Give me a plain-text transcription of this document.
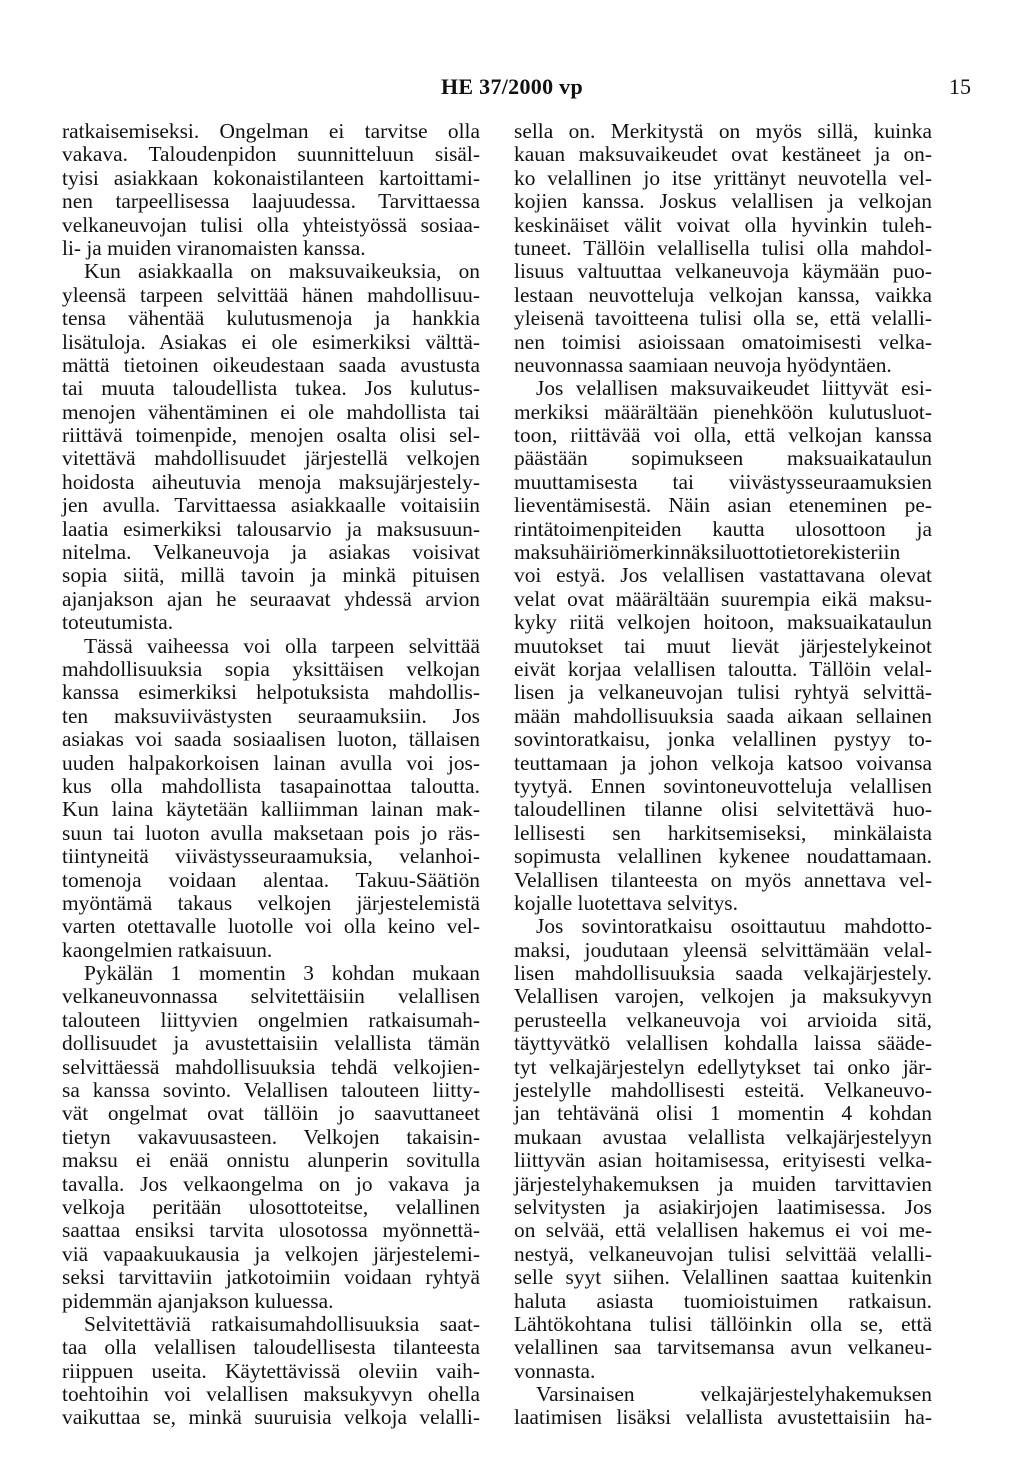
HE 37/2000 vp	15
ratkaisemiseksi. Ongelman ei tarvitse olla
vakava. Taloudenpidon suunnitteluun sisäl-
tyisi asiakkaan kokonaistilanteen kartoittami-
nen tarpeellisessa laajuudessa. Tarvittaessa
velkaneuvojan tulisi olla yhteistyössä sosiaa-
li- ja muiden viranomaisten kanssa.
Kun asiakkaalla on maksuvaikeuksia, on
yleensä tarpeen selvittää hänen mahdollisuu-
tensa vähentää kulutusmenoja ja hankkia
lisätuloja. Asiakas ei ole esimerkiksi välttä-
mättä tietoinen oikeudestaan saada avustusta
tai muuta taloudellista tukea. Jos kulutus-
menojen vähentäminen ei ole mahdollista tai
riittävä toimenpide, menojen osalta olisi sel-
vitettävä mahdollisuudet järjestellä velkojen
hoidosta aiheutuvia menoja maksujärjestely-
jen avulla. Tarvittaessa asiakkaalle voitaisiin
laatia esimerkiksi talousarvio ja maksusuun-
nitelma. Velkaneuvoja ja asiakas voisivat
sopia siitä, millä tavoin ja minkä pituisen
ajanjakson ajan he seuraavat yhdessä arvion
toteutumista.
Tässä vaiheessa voi olla tarpeen selvittää
mahdollisuuksia sopia yksittäisen velkojan
kanssa esimerkiksi helpotuksista mahdollis-
ten maksuviivästysten seuraamuksiin. Jos
asiakas voi saada sosiaalisen luoton, tällaisen
uuden halpakorkoisen lainan avulla voi jos-
kus olla mahdollista tasapainottaa taloutta.
Kun laina käytetään kalliimman lainan mak-
suun tai luoton avulla maksetaan pois jo räs-
tiintyneitä viivästysseuraamuksia, velanhoi-
tomenoja voidaan alentaa. Takuu-Säätiön
myöntämä takaus velkojen järjestelemistä
varten otettavalle luotolle voi olla keino vel-
kaongelmien ratkaisuun.
Pykälän 1 momentin 3 kohdan mukaan
velkaneuvonnassa selvitettäisiin velallisen
talouteen liittyvien ongelmien ratkaisumah-
dollisuudet ja avustettaisiin velallista tämän
selvittäessä mahdollisuuksia tehdä velkojien-
sa kanssa sovinto. Velallisen talouteen liitty-
vät ongelmat ovat tällöin jo saavuttaneet
tietyn vakavuusasteen. Velkojen takaisin-
maksu ei enää onnistu alunperin sovitulla
tavalla. Jos velkaongelma on jo vakava ja
velkoja peritään ulosottoteitse, velallinen
saattaa ensiksi tarvita ulosotossa myönnettä-
viä vapaakuukausia ja velkojen järjestelemi-
seksi tarvittaviin jatkotoimiin voidaan ryhtyä
pidemmän ajanjakson kuluessa.
Selvitettäviä ratkaisumahdollisuuksia saat-
taa olla velallisen taloudellisesta tilanteesta
riippuen useita. Käytettävissä oleviin vaih-
toehtoihin voi velallisen maksukyvyn ohella
vaikuttaa se, minkä suuruisia velkoja velalli-
sella on. Merkitystä on myös sillä, kuinka
kauan maksuvaikeudet ovat kestäneet ja on-
ko velallinen jo itse yrittänyt neuvotella vel-
kojien kanssa. Joskus velallisen ja velkojan
keskinäiset välit voivat olla hyvinkin tuleh-
tuneet. Tällöin velallisella tulisi olla mahdol-
lisuus valtuuttaa velkaneuvoja käymään puo-
lestaan neuvotteluja velkojan kanssa, vaikka
yleisenä tavoitteena tulisi olla se, että velalli-
nen toimisi asioissaan omatoimisesti velka-
neuvonnassa saamiaan neuvoja hyödyntäen.
Jos velallisen maksuvaikeudet liittyvät esi-
merkiksi määrältään pienehköön kulutusluot-
toon, riittävää voi olla, että velkojan kanssa
päästään sopimukseen maksuaikataulun
muuttamisesta tai viivästysseuraamuksien
lieventämisestä. Näin asian eteneminen pe-
rintätoimenpiteiden kautta ulosottoon ja
maksuhäiriömerkinnäksiluottotietorekisteriin
voi estyä. Jos velallisen vastattavana olevat
velat ovat määrältään suurempia eikä maksu-
kyky riitä velkojen hoitoon, maksuaikataulun
muutokset tai muut lievät järjestelykeinot
eivät korjaa velallisen taloutta. Tällöin velal-
lisen ja velkaneuvojan tulisi ryhtyä selvittä-
mään mahdollisuuksia saada aikaan sellainen
sovintoratkaisu, jonka velallinen pystyy to-
teuttamaan ja johon velkoja katsoo voivansa
tyytyä. Ennen sovintoneuvotteluja velallisen
taloudellinen tilanne olisi selvitettävä huo-
lellisesti sen harkitsemiseksi, minkälaista
sopimusta velallinen kykenee noudattamaan.
Velallisen tilanteesta on myös annettava vel-
kojalle luotettava selvitys.
Jos sovintoratkaisu osoittautuu mahdotto-
maksi, joudutaan yleensä selvittämään velal-
lisen mahdollisuuksia saada velkajärjestely.
Velallisen varojen, velkojen ja maksukyvyn
perusteella velkaneuvoja voi arvioida sitä,
täyttyvätkö velallisen kohdalla laissa sääde-
tyt velkajärjestelyn edellytykset tai onko jär-
jestelylle mahdollisesti esteitä. Velkaneuvo-
jan tehtävänä olisi 1 momentin 4 kohdan
mukaan avustaa velallista velkajärjestelyyn
liittyvän asian hoitamisessa, erityisesti velka-
järjestelyhakemuksen ja muiden tarvittavien
selvitysten ja asiakirjojen laatimisessa. Jos
on selvää, että velallisen hakemus ei voi me-
nestyä, velkaneuvojan tulisi selvittää velalli-
selle syyt siihen. Velallinen saattaa kuitenkin
haluta asiasta tuomioistuimen ratkaisun.
Lähtökohtana tulisi tällöinkin olla se, että
velallinen saa tarvitsemansa avun velkaneu-
vonnasta.
Varsinaisen velkajärjestelyhakemuksen
laatimisen lisäksi velallista avustettaisiin ha-
